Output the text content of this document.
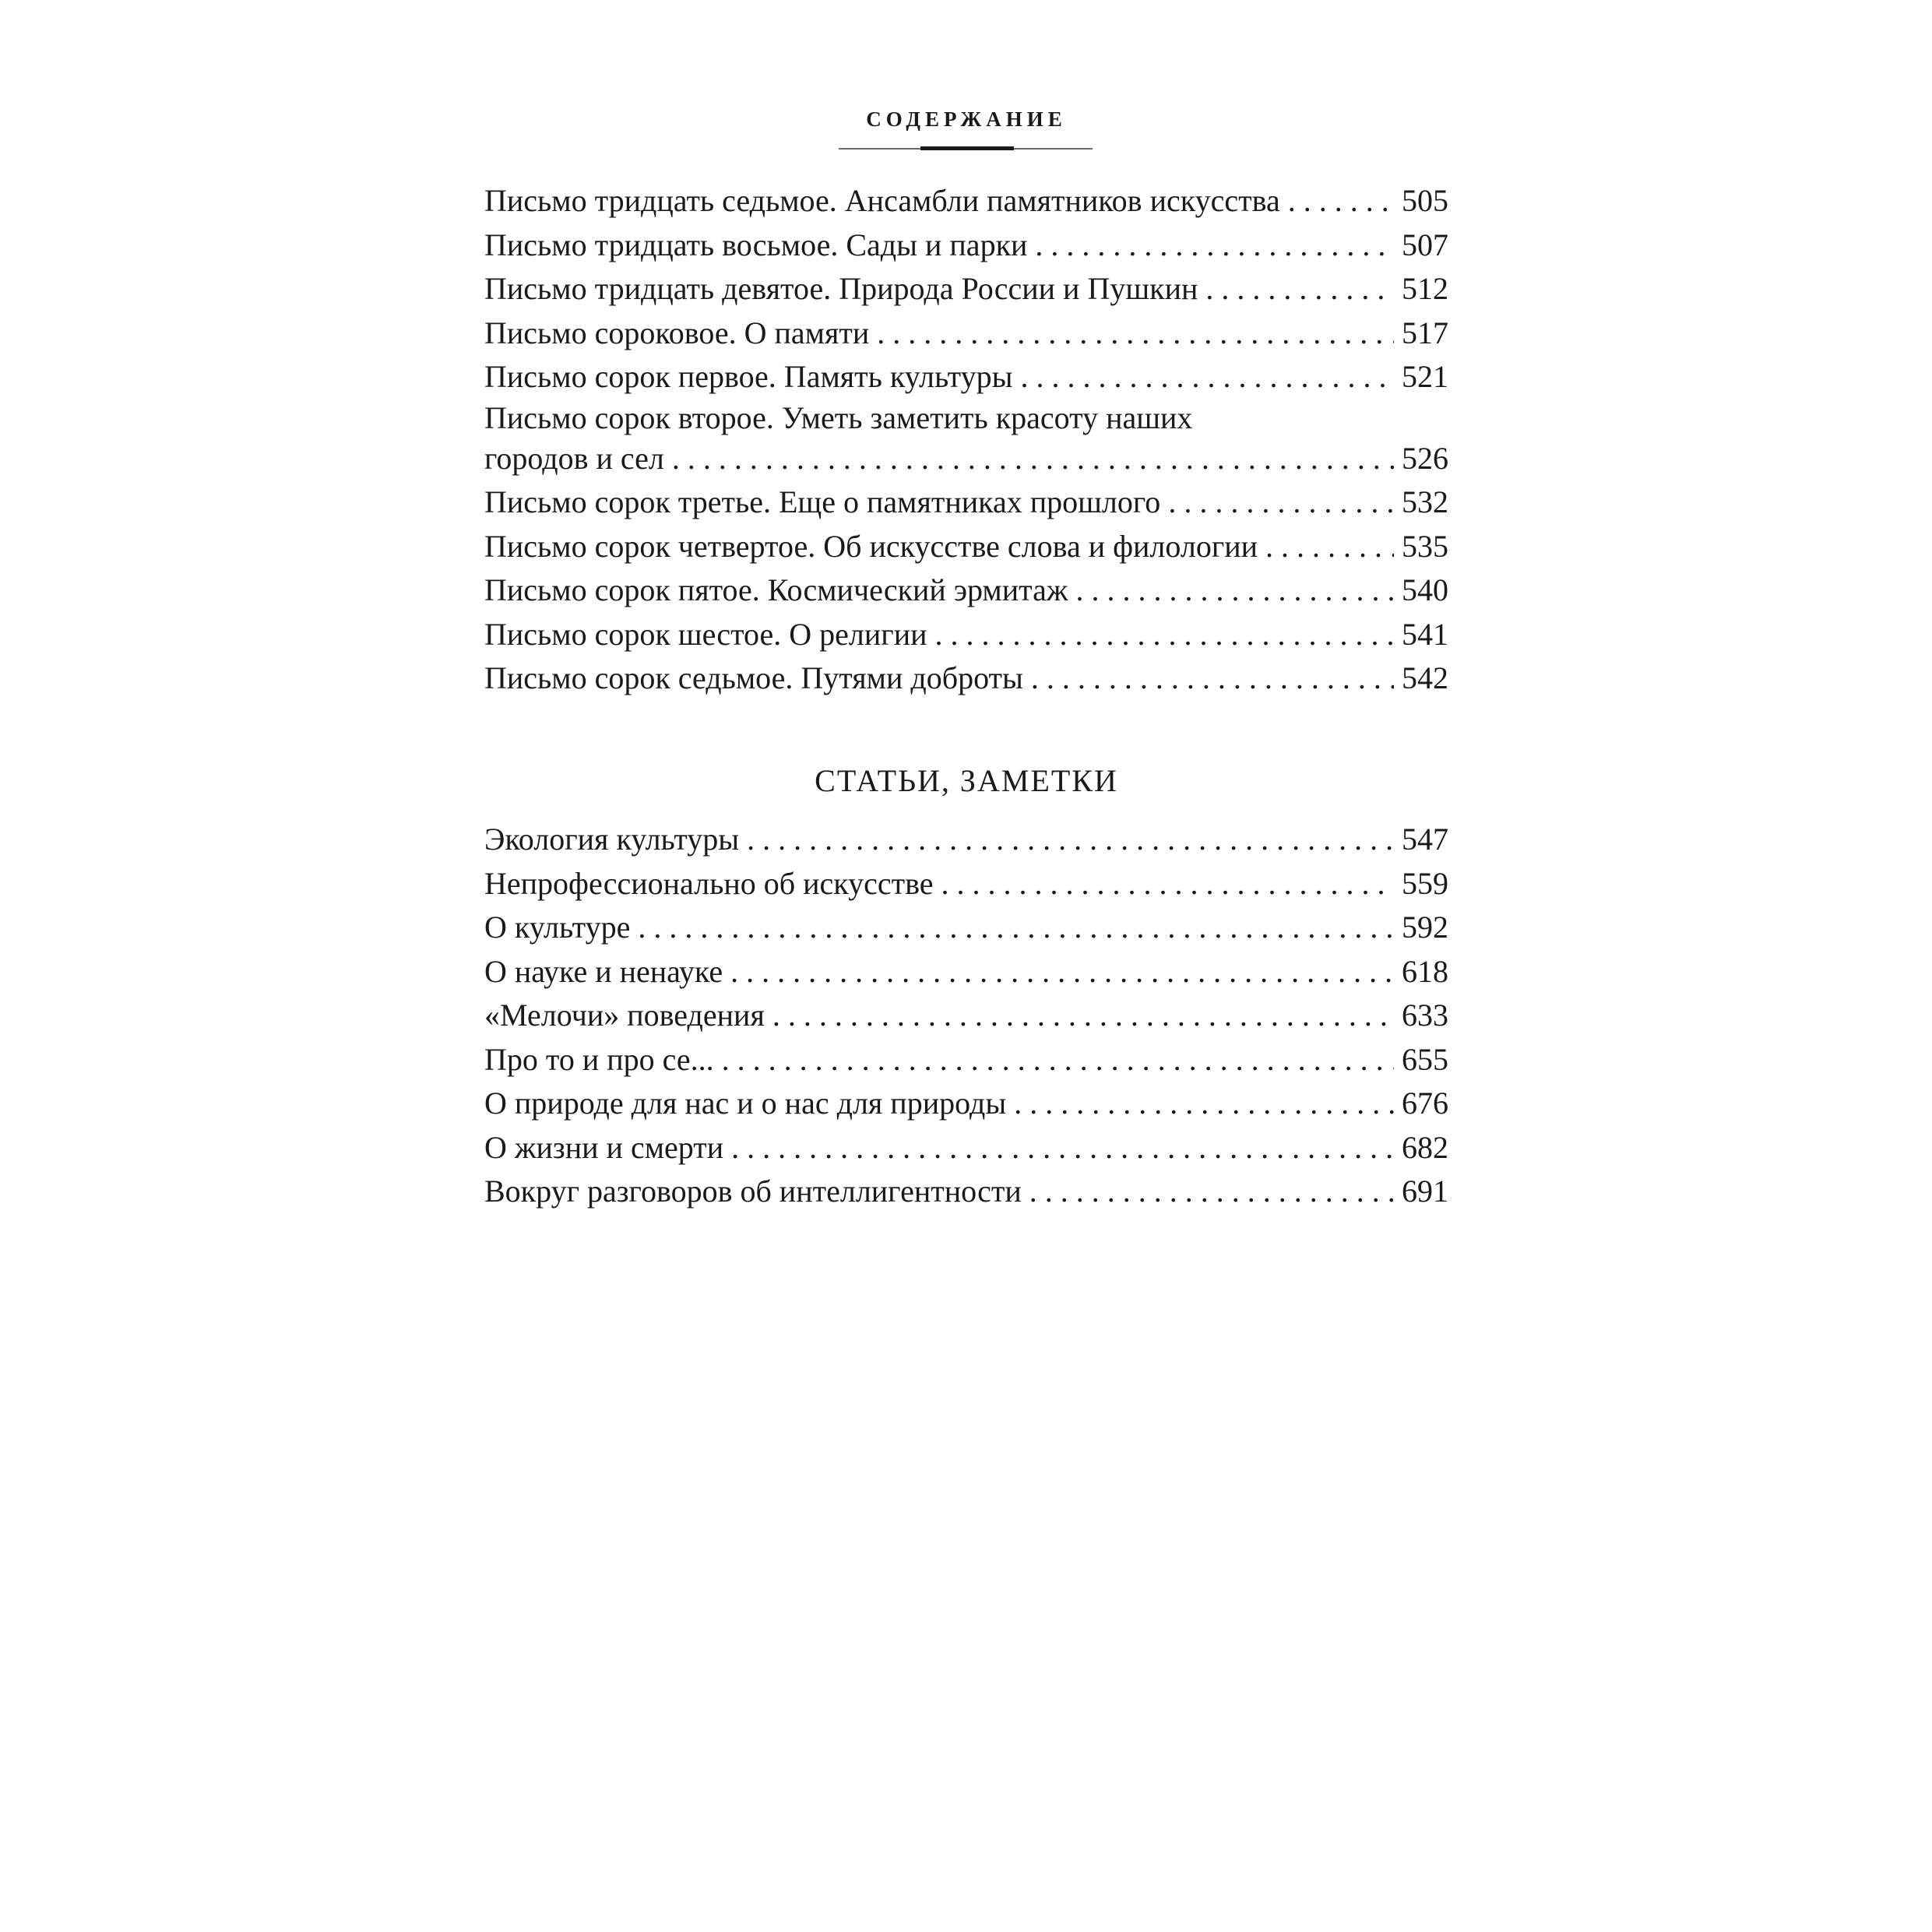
СОДЕРЖАНИЕ
Письмо тридцать седьмое. Ансамбли памятников искусства . . .	505
Письмо тридцать восьмое. Сады и парки . . .	507
Письмо тридцать девятое. Природа России и Пушкин . . .	512
Письмо сороковое. О памяти . . .	517
Письмо сорок первое. Память культуры . . .	521
Письмо сорок второе. Уметь заметить красоту наших
городов и сел . . .	526
Письмо сорок третье. Еще о памятниках прошлого . . .	532
Письмо сорок четвертое. Об искусстве слова и филологии . . .	535
Письмо сорок пятое. Космический эрмитаж . . .	540
Письмо сорок шестое. О религии . . .	541
Письмо сорок седьмое. Путями доброты . . .	542
СТАТЬИ, ЗАМЕТКИ
Экология культуры . . .	547
Непрофессионально об искусстве . . .	559
О культуре . . .	592
О науке и ненауке . . .	618
«Мелочи» поведения . . .	633
Про то и про се... . . .	655
О природе для нас и о нас для природы . . .	676
О жизни и смерти . . .	682
Вокруг разговоров об интеллигентности . . .	691
